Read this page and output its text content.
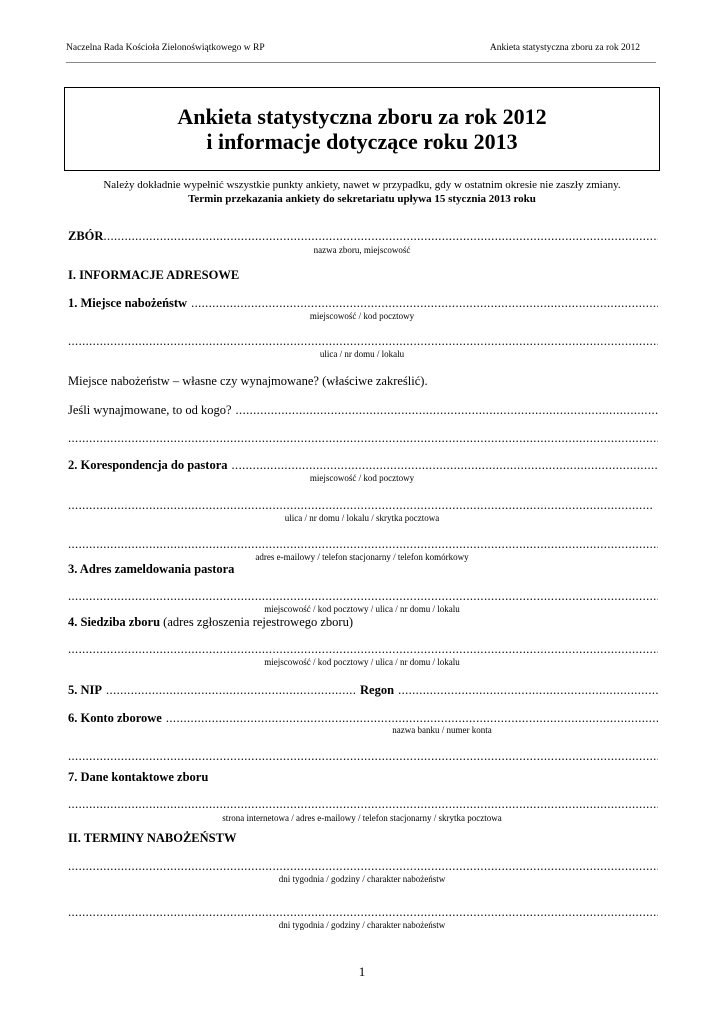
Naczelna Rada Kościoła Zielonoświątkowego w RP	Ankieta statystyczna zboru za rok 2012
Ankieta statystyczna zboru za rok 2012
i informacje dotyczące roku 2013
Należy dokładnie wypełnić wszystkie punkty ankiety, nawet w przypadku, gdy w ostatnim okresie nie zaszły zmiany.
Termin przekazania ankiety do sekretariatu upływa 15 stycznia 2013 roku
ZBÓR
.....
nazwa zboru, miejscowość
I. INFORMACJE ADRESOWE
1. Miejsce nabożeństw
.....
miejscowość / kod pocztowy
.....
ulica / nr domu / lokalu
Miejsce nabożeństw – własne czy wynajmowane? (właściwe zakreślić).
Jeśli wynajmowane, to od kogo?
.....
.....
2. Korespondencja do pastora
.....
miejscowość / kod pocztowy
.....
ulica / nr domu / lokalu / skrytka pocztowa
.....
adres e-mailowy / telefon stacjonarny / telefon komórkowy
3. Adres zameldowania pastora
.....
miejscowość / kod pocztowy / ulica / nr domu / lokalu
4. Siedziba zboru (adres zgłoszenia rejestrowego zboru)
.....
miejscowość / kod pocztowy / ulica / nr domu / lokalu
5. NIP
.....	Regon
.....
6. Konto zborowe
.....
nazwa banku / numer konta
.....
7. Dane kontaktowe zboru
.....
strona internetowa / adres e-mailowy / telefon stacjonarny / skrytka pocztowa
II. TERMINY NABOŻEŃSTW
.....
dni tygodnia / godziny / charakter nabożeństw
.....
dni tygodnia / godziny / charakter nabożeństw
1
